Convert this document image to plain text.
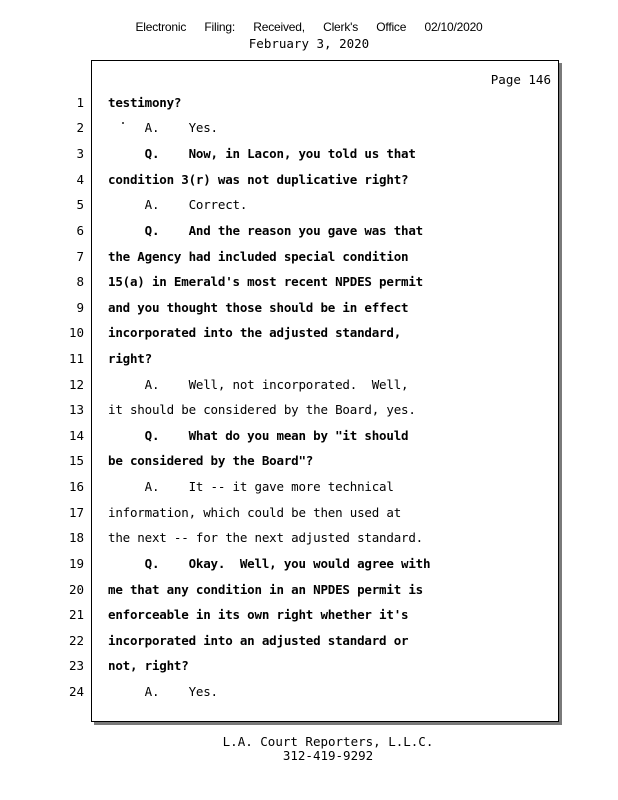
Electronic  Filing:  Received,  Clerk's  Office  02/10/2020
February 3, 2020
Page 146
1 testimony?
2 A.    Yes.
3 Q.    Now, in Lacon, you told us that
4 condition 3(r) was not duplicative right?
5 A.    Correct.
6 Q.    And the reason you gave was that
7 the Agency had included special condition
8 15(a) in Emerald's most recent NPDES permit
9 and you thought those should be in effect
10 incorporated into the adjusted standard,
11 right?
12 A.    Well, not incorporated.  Well,
13 it should be considered by the Board, yes.
14 Q.    What do you mean by "it should
15 be considered by the Board"?
16 A.    It -- it gave more technical
17 information, which could be then used at
18 the next -- for the next adjusted standard.
19 Q.    Okay.  Well, you would agree with
20 me that any condition in an NPDES permit is
21 enforceable in its own right whether it's
22 incorporated into an adjusted standard or
23 not, right?
24 A.    Yes.
L.A. Court Reporters, L.L.C.
312-419-9292
